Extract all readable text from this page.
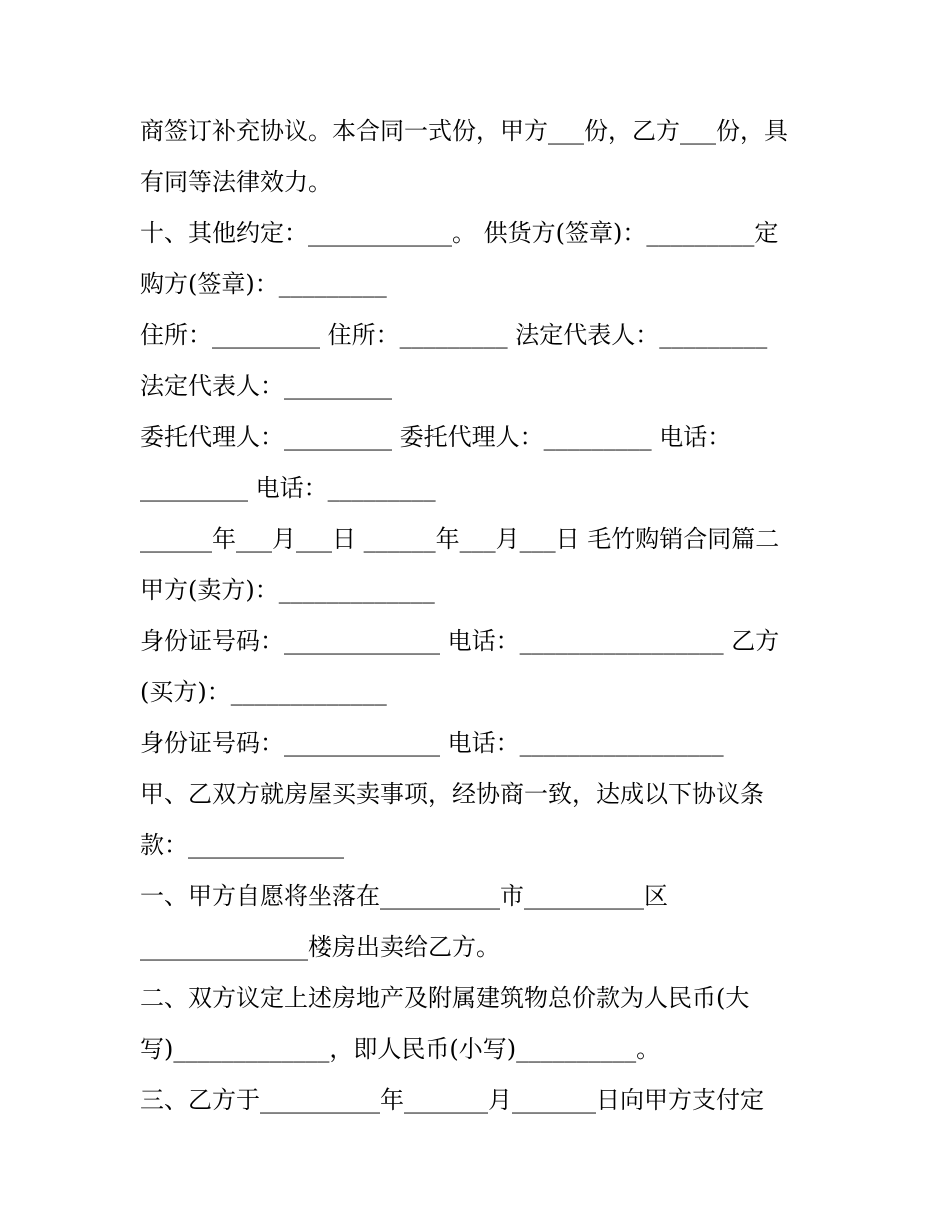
商签订补充协议。本合同一式份，甲方___份，乙方___份，具
有同等法律效力。
十、其他约定：____________。 供货方(签章)：_________定
购方(签章)：_________
住所：_________ 住所：_________ 法定代表人：_________
法定代表人：_________
委托代理人：_________ 委托代理人：_________ 电话：
_________ 电话：_________
______年___月___日 ______年___月___日 毛竹购销合同篇二
甲方(卖方)：_____________
身份证号码：_____________ 电话：_________________ 乙方
(买方)：_____________
身份证号码：_____________ 电话：_________________
甲、乙双方就房屋买卖事项，经协商一致，达成以下协议条
款：_____________
一、甲方自愿将坐落在__________市__________区
______________楼房出卖给乙方。
二、双方议定上述房地产及附属建筑物总价款为人民币(大
写)_____________，即人民币(小写)__________。
三、乙方于__________年_______月_______日向甲方支付定
